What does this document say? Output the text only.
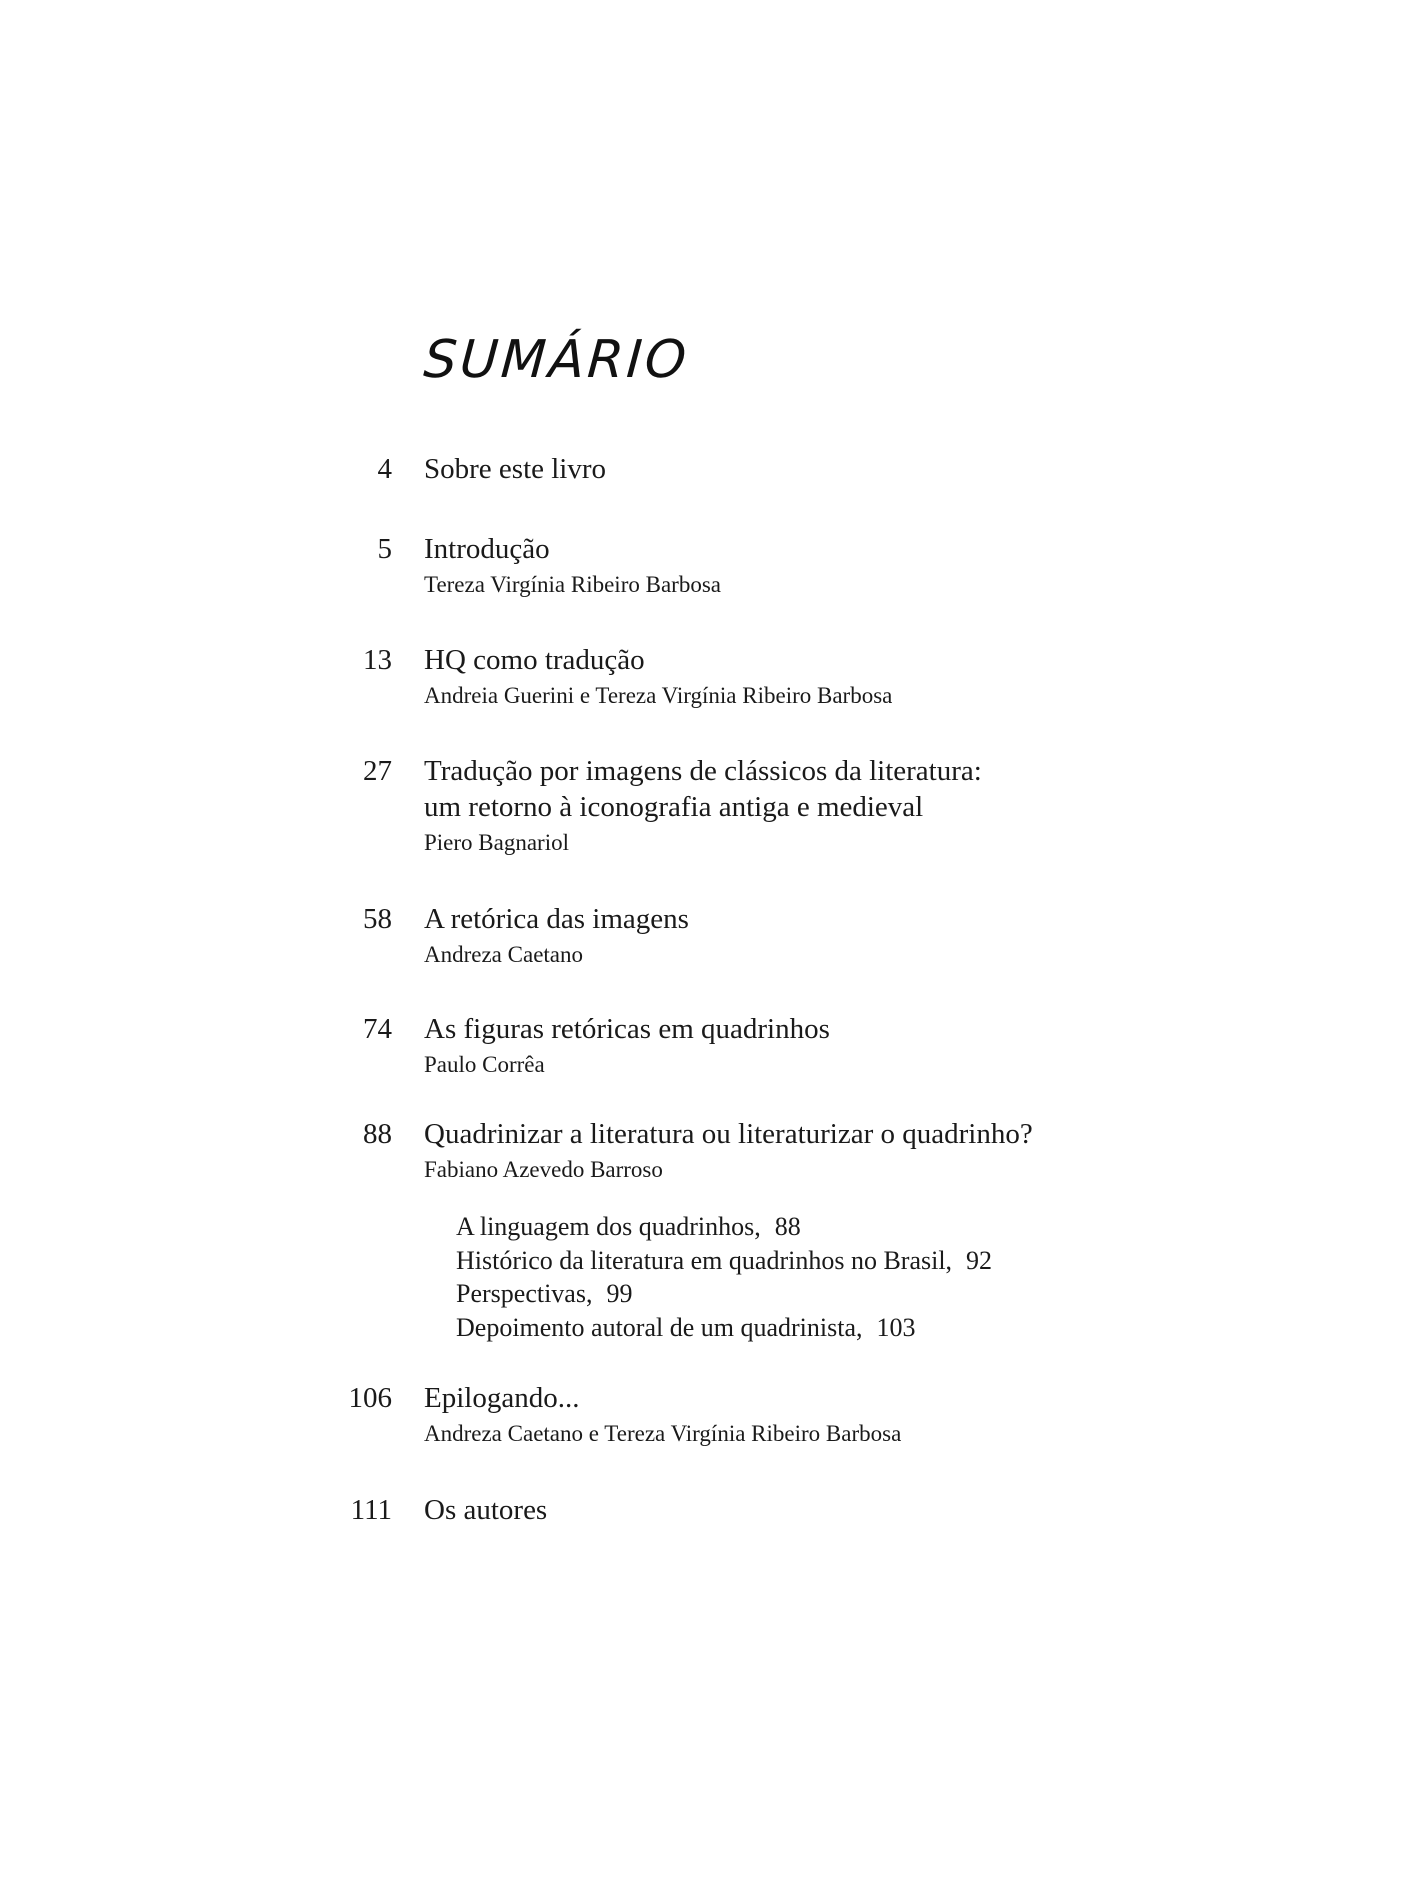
SUMÁRIO
4 Sobre este livro
5 Introdução
Tereza Virgínia Ribeiro Barbosa
13 HQ como tradução
Andreia Guerini e Tereza Virgínia Ribeiro Barbosa
27 Tradução por imagens de clássicos da literatura:
um retorno à iconografia antiga e medieval
Piero Bagnariol
58 A retórica das imagens
Andreza Caetano
74 As figuras retóricas em quadrinhos
Paulo Corrêa
88 Quadrinizar a literatura ou literaturizar o quadrinho?
Fabiano Azevedo Barroso
A linguagem dos quadrinhos, 88
Histórico da literatura em quadrinhos no Brasil, 92
Perspectivas, 99
Depoimento autoral de um quadrinista, 103
106 Epilogando...
Andreza Caetano e Tereza Virgínia Ribeiro Barbosa
111 Os autores
